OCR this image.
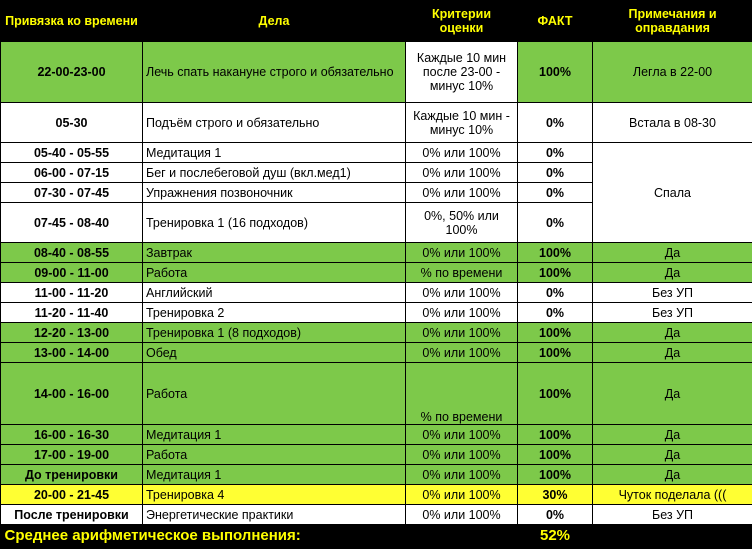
Привязка ко времени	Дела	Критерии оценки	ФАКТ	Примечания и оправдания
22-00-23-00	Лечь спать накануне строго и обязательно	Каждые 10 мин после 23-00 - минус 10%	100%	Легла в 22-00
05-30	Подъём строго и обязательно	Каждые 10 мин - минус 10%	0%	Встала в 08-30
05-40 - 05-55	Медитация 1	0% или 100%	0%	Спала
06-00 - 07-15	Бег и послебеговой душ (вкл.мед1)	0% или 100%	0%	
07-30 - 07-45	Упражнения позвоночник	0% или 100%	0%	
07-45 - 08-40	Тренировка 1 (16 подходов)	0%, 50% или 100%	0%	
08-40 - 08-55	Завтрак	0% или 100%	100%	Да
09-00 - 11-00	Работа	% по времени	100%	Да
11-00 - 11-20	Английский	0% или 100%	0%	Без УП
11-20 - 11-40	Тренировка 2	0% или 100%	0%	Без УП
12-20 - 13-00	Тренировка 1 (8 подходов)	0% или 100%	100%	Да
13-00 - 14-00	Обед	0% или 100%	100%	Да
14-00 - 16-00	Работа	% по времени	100%	Да
16-00 - 16-30	Медитация 1	0% или 100%	100%	Да
17-00 - 19-00	Работа	0% или 100%	100%	Да
До тренировки	Медитация 1	0% или 100%	100%	Да
20-00 - 21-45	Тренировка 4	0% или 100%	30%	Чуток поделала (((
После тренировки	Энергетические практики	0% или 100%	0%	Без УП
Среднее арифметическое выполнения:			52%	
